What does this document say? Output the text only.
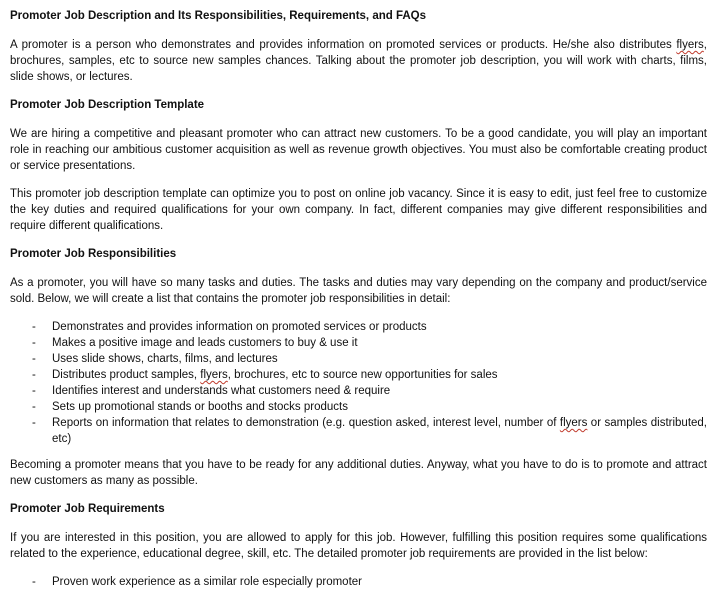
Promoter Job Description and Its Responsibilities, Requirements, and FAQs

A promoter is a person who demonstrates and provides information on promoted services or products. He/she also distributes flyers, brochures, samples, etc to source new samples chances. Talking about the promoter job description, you will work with charts, films, slide shows, or lectures.

Promoter Job Description Template

We are hiring a competitive and pleasant promoter who can attract new customers. To be a good candidate, you will play an important role in reaching our ambitious customer acquisition as well as revenue growth objectives. You must also be comfortable creating product or service presentations.

This promoter job description template can optimize you to post on online job vacancy. Since it is easy to edit, just feel free to customize the key duties and required qualifications for your own company. In fact, different companies may give different responsibilities and require different qualifications.

Promoter Job Responsibilities

As a promoter, you will have so many tasks and duties. The tasks and duties may vary depending on the company and product/service sold. Below, we will create a list that contains the promoter job responsibilities in detail:

- Demonstrates and provides information on promoted services or products
- Makes a positive image and leads customers to buy & use it
- Uses slide shows, charts, films, and lectures
- Distributes product samples, flyers, brochures, etc to source new opportunities for sales
- Identifies interest and understands what customers need & require
- Sets up promotional stands or booths and stocks products
- Reports on information that relates to demonstration (e.g. question asked, interest level, number of flyers or samples distributed, etc)

Becoming a promoter means that you have to be ready for any additional duties. Anyway, what you have to do is to promote and attract new customers as many as possible.

Promoter Job Requirements

If you are interested in this position, you are allowed to apply for this job. However, fulfilling this position requires some qualifications related to the experience, educational degree, skill, etc. The detailed promoter job requirements are provided in the list below:

- Proven work experience as a similar role especially promoter
